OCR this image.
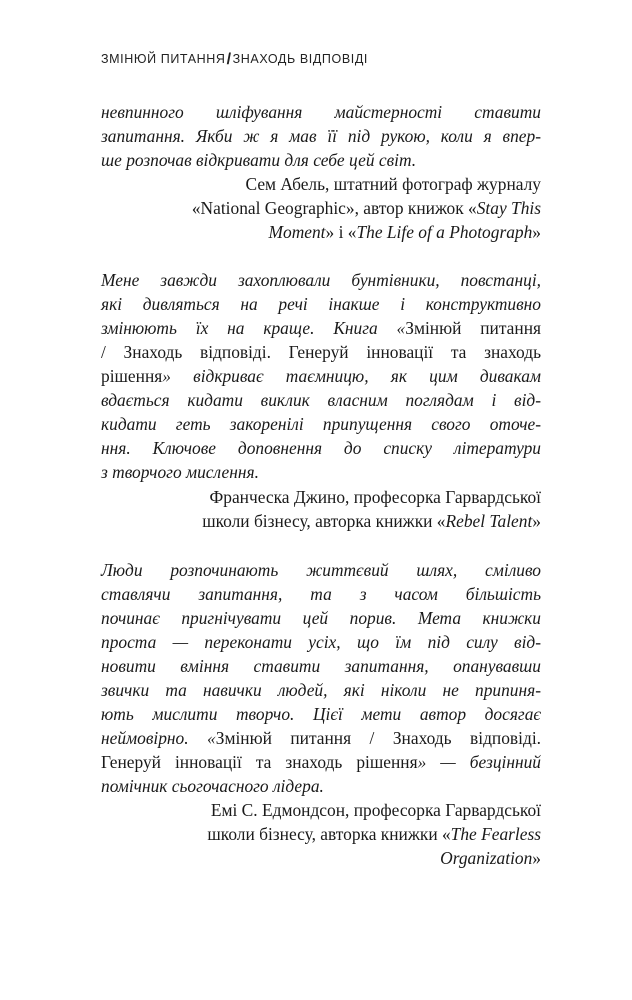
ЗМІНЮЙ ПИТАННЯ/ЗНАХОДЬ ВІДПОВІДІ

невпинного шліфування майстерності ставити
запитання. Якби ж я мав її під рукою, коли я впер-
ше розпочав відкривати для себе цей світ.

Сем Абель, штатний фотограф журналу
«National Geographic», автор книжок «Stay This
Moment» і «The Life of a Photograph»

Мене завжди захоплювали бунтівники, повстанці,
які дивляться на речі інакше і конструктивно
змінюють їх на краще. Книга «Змінюй питання
/ Знаходь відповіді. Генеруй інновації та знаходь
рішення» відкриває таємницю, як цим дивакам
вдається кидати виклик власним поглядам і від-
кидати геть закоренілі припущення свого оточе-
ння. Ключове доповнення до списку літератури
з творчого мислення.

Франческа Джино, професорка Гарвардської
школи бізнесу, авторка книжки «Rebel Talent»

Люди розпочинають життєвий шлях, сміливо
ставлячи запитання, та з часом більшість
починає пригнічувати цей порив. Мета книжки
проста — переконати усіх, що їм під силу від-
новити вміння ставити запитання, опанувавши
звички та навички людей, які ніколи не припиня-
ють мислити творчо. Цієї мети автор досягає
неймовірно. «Змінюй питання / Знаходь відповіді.
Генеруй інновації та знаходь рішення» — безцінний
помічник сьогочасного лідера.

Емі С. Едмондсон, професорка Гарвардської
школи бізнесу, авторка книжки «The Fearless
Organization»
